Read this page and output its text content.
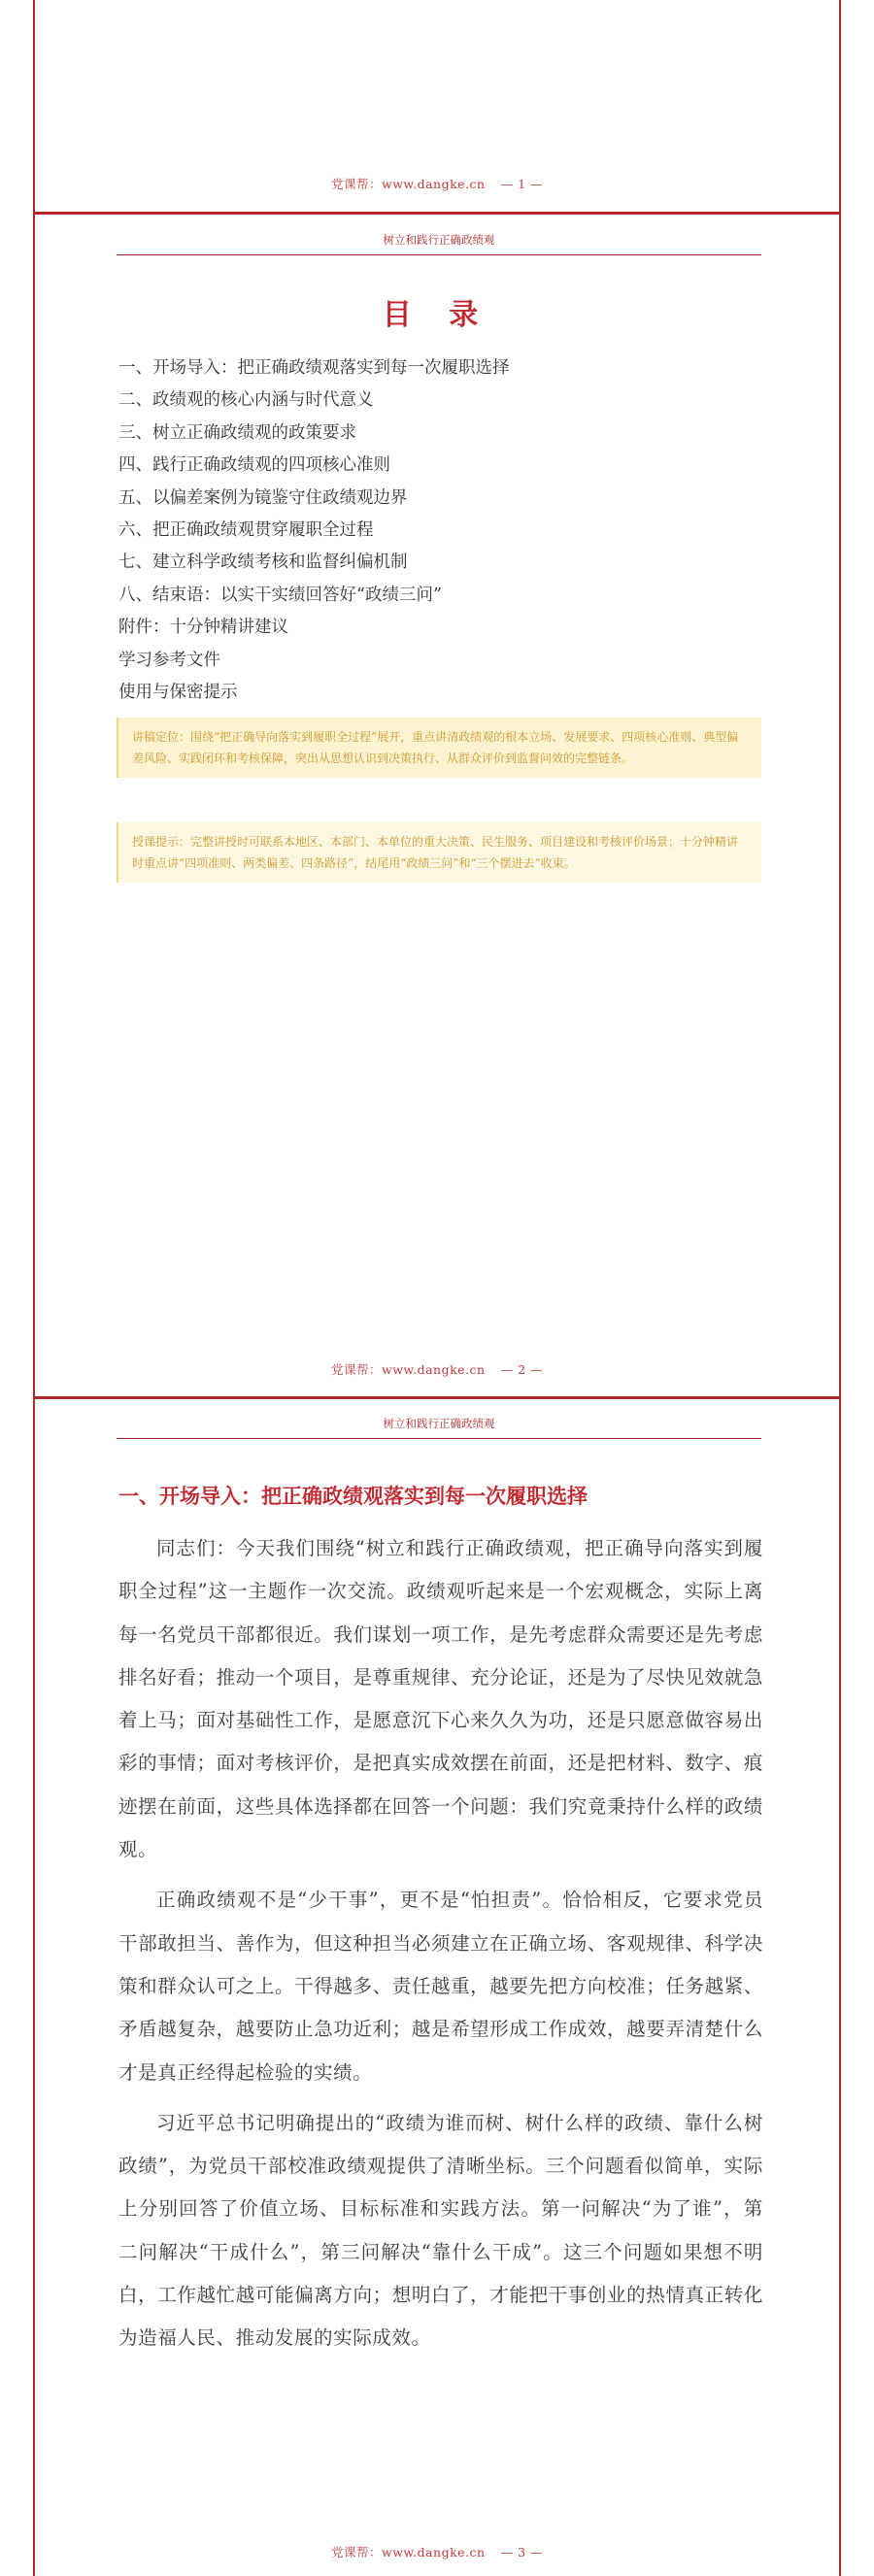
党课帮：www.dangke.cn — 1 —
树立和践行正确政绩观
目 录
一、开场导入：把正确政绩观落实到每一次履职选择
二、政绩观的核心内涵与时代意义
三、树立正确政绩观的政策要求
四、践行正确政绩观的四项核心准则
五、以偏差案例为镜鉴守住政绩观边界
六、把正确政绩观贯穿履职全过程
七、建立科学政绩考核和监督纠偏机制
八、结束语：以实干实绩回答好“政绩三问”
附件：十分钟精讲建议
学习参考文件
使用与保密提示
讲稿定位：围绕“把正确导向落实到履职全过程”展开，重点讲清政绩观的根本立场、发展要求、四项核心准则、典型偏差风险、实践闭环和考核保障，突出从思想认识到决策执行、从群众评价到监督问效的完整链条。
授课提示：完整讲授时可联系本地区、本部门、本单位的重大决策、民生服务、项目建设和考核评价场景；十分钟精讲时重点讲“四项准则、两类偏差、四条路径”，结尾用“政绩三问”和“三个摆进去”收束。
党课帮：www.dangke.cn — 2 —
树立和践行正确政绩观
一、开场导入：把正确政绩观落实到每一次履职选择

同志们：今天我们围绕“树立和践行正确政绩观，把正确导向落实到履职全过程”这一主题作一次交流。政绩观听起来是一个宏观概念，实际上离每一名党员干部都很近。我们谋划一项工作，是先考虑群众需要还是先考虑排名好看；推动一个项目，是尊重规律、充分论证，还是为了尽快见效就急着上马；面对基础性工作，是愿意沉下心来久久为功，还是只愿意做容易出彩的事情；面对考核评价，是把真实成效摆在前面，还是把材料、数字、痕迹摆在前面，这些具体选择都在回答一个问题：我们究竟秉持什么样的政绩观。

正确政绩观不是“少干事”，更不是“怕担责”。恰恰相反，它要求党员干部敢担当、善作为，但这种担当必须建立在正确立场、客观规律、科学决策和群众认可之上。干得越多、责任越重，越要先把方向校准；任务越紧、矛盾越复杂，越要防止急功近利；越是希望形成工作成效，越要弄清楚什么才是真正经得起检验的实绩。

习近平总书记明确提出的“政绩为谁而树、树什么样的政绩、靠什么树政绩”，为党员干部校准政绩观提供了清晰坐标。三个问题看似简单，实际上分别回答了价值立场、目标标准和实践方法。第一问解决“为了谁”，第二问解决“干成什么”，第三问解决“靠什么干成”。这三个问题如果想不明白，工作越忙越可能偏离方向；想明白了，才能把干事创业的热情真正转化为造福人民、推动发展的实际成效。

党课帮：www.dangke.cn — 3 —
